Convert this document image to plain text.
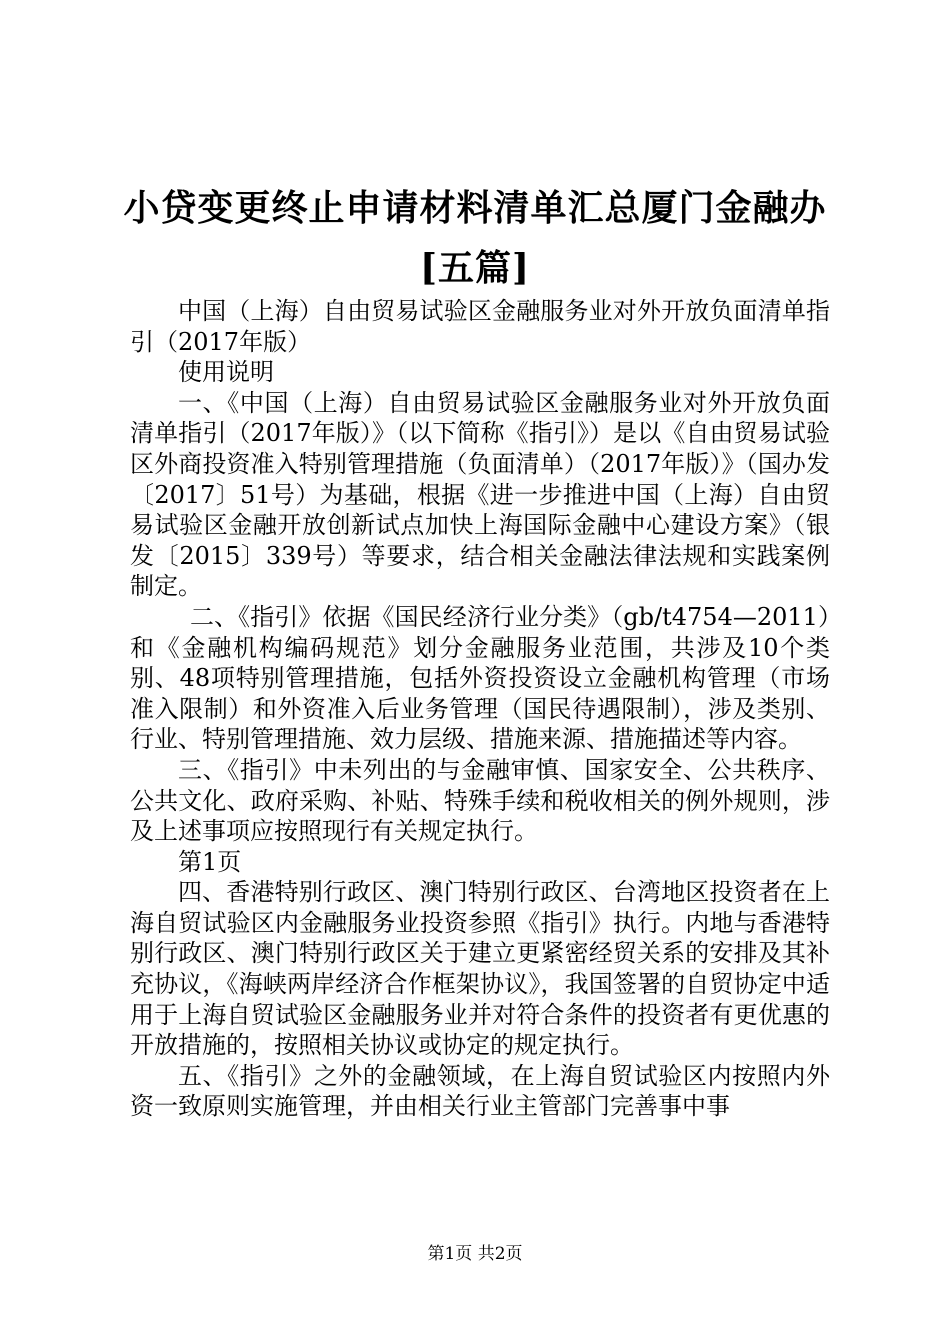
小贷变更终止申请材料清单汇总厦门金融办
[五篇]

中国（上海）自由贸易试验区金融服务业对外开放负面清单指引（2017年版）

使用说明

一、《中国（上海）自由贸易试验区金融服务业对外开放负面清单指引（2017年版）》（以下简称《指引》）是以《自由贸易试验区外商投资准入特别管理措施（负面清单）（2017年版）》（国办发〔2017〕51号）为基础，根据《进一步推进中国（上海）自由贸易试验区金融开放创新试点加快上海国际金融中心建设方案》（银发〔2015〕339号）等要求，结合相关金融法律法规和实践案例制定。

二、《指引》依据《国民经济行业分类》（gb/t4754—2011）和《金融机构编码规范》划分金融服务业范围，共涉及10个类别、48项特别管理措施，包括外资投资设立金融机构管理（市场准入限制）和外资准入后业务管理（国民待遇限制），涉及类别、行业、特别管理措施、效力层级、措施来源、措施描述等内容。

三、《指引》中未列出的与金融审慎、国家安全、公共秩序、公共文化、政府采购、补贴、特殊手续和税收相关的例外规则，涉及上述事项应按照现行有关规定执行。

第1页

四、香港特别行政区、澳门特别行政区、台湾地区投资者在上海自贸试验区内金融服务业投资参照《指引》执行。内地与香港特别行政区、澳门特别行政区关于建立更紧密经贸关系的安排及其补充协议，《海峡两岸经济合作框架协议》，我国签署的自贸协定中适用于上海自贸试验区金融服务业并对符合条件的投资者有更优惠的开放措施的，按照相关协议或协定的规定执行。

五、《指引》之外的金融领域，在上海自贸试验区内按照内外资一致原则实施管理，并由相关行业主管部门完善事中事

第1页 共2页
